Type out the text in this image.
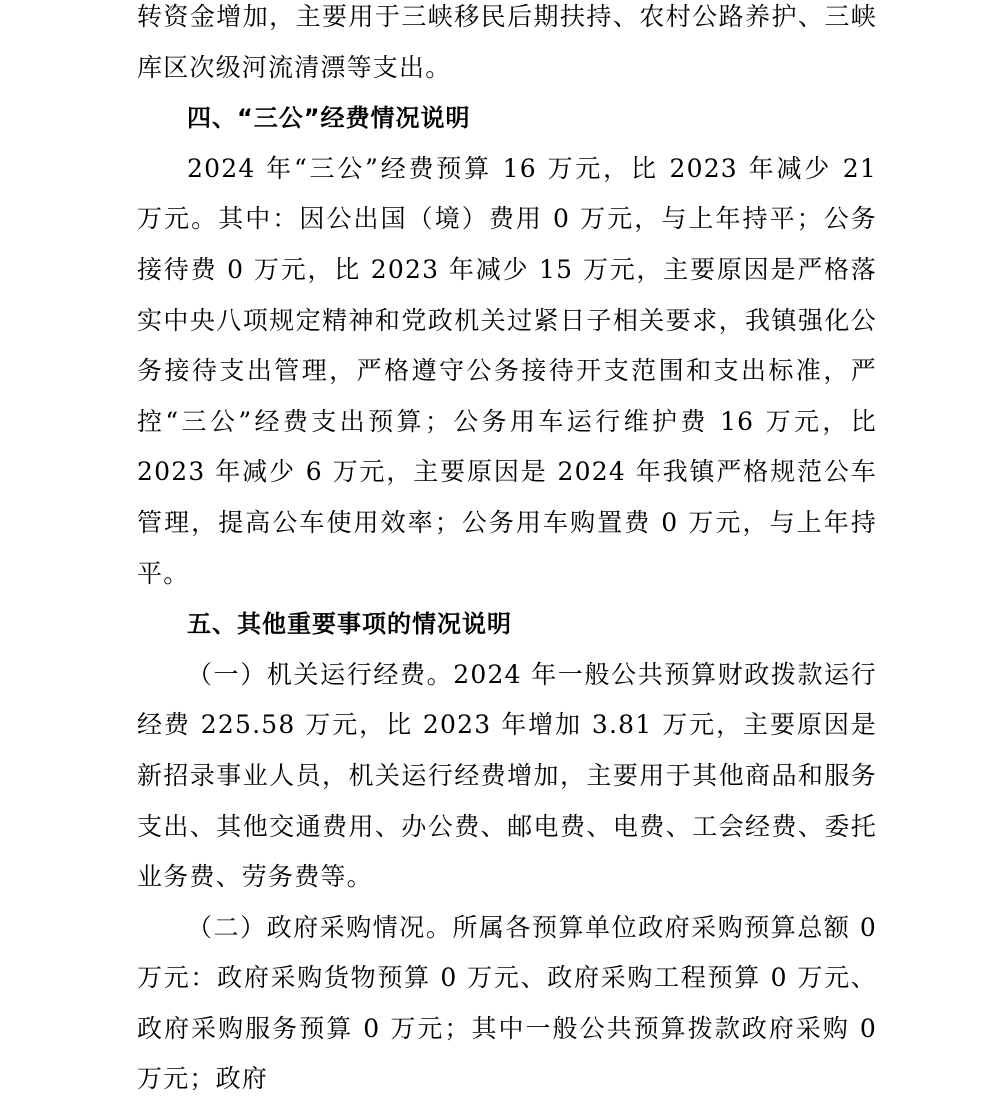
转资金增加，主要用于三峡移民后期扶持、农村公路养护、三峡库区次级河流清漂等支出。

四、“三公”经费情况说明

2024 年“三公”经费预算 16 万元，比 2023 年减少 21 万元。其中：因公出国（境）费用 0 万元，与上年持平；公务接待费 0 万元，比 2023 年减少 15 万元，主要原因是严格落实中央八项规定精神和党政机关过紧日子相关要求，我镇强化公务接待支出管理，严格遵守公务接待开支范围和支出标准，严控“三公”经费支出预算；公务用车运行维护费 16 万元，比 2023 年减少 6 万元，主要原因是 2024 年我镇严格规范公车管理，提高公车使用效率；公务用车购置费 0 万元，与上年持平。

五、其他重要事项的情况说明

（一）机关运行经费。2024 年一般公共预算财政拨款运行经费 225.58 万元，比 2023 年增加 3.81 万元，主要原因是新招录事业人员，机关运行经费增加，主要用于其他商品和服务支出、其他交通费用、办公费、邮电费、电费、工会经费、委托业务费、劳务费等。

（二）政府采购情况。所属各预算单位政府采购预算总额 0 万元：政府采购货物预算 0 万元、政府采购工程预算 0 万元、政府采购服务预算 0 万元；其中一般公共预算拨款政府采购 0 万元；政府
